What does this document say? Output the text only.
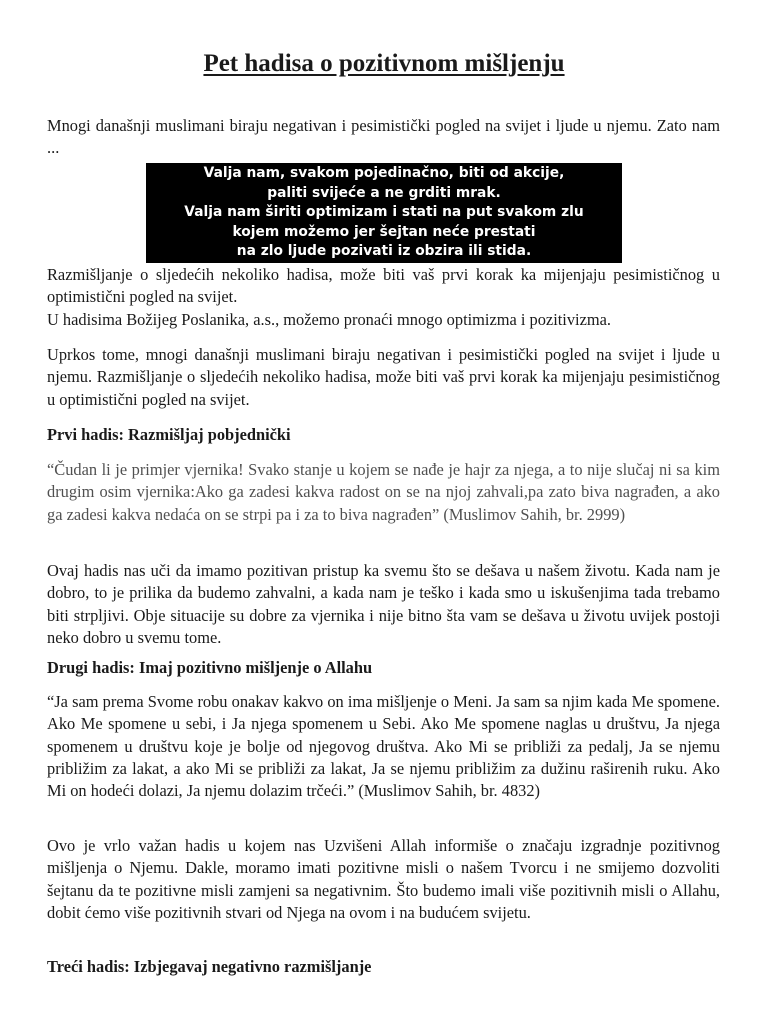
Pet hadisa o pozitivnom mišljenju

Mnogi današnji muslimani biraju negativan i pesimistički pogled na svijet i ljude u njemu. Zato nam ...

Valja nam, svakom pojedinačno, biti od akcije,
paliti svijeće a ne grditi mrak.
Valja nam širiti optimizam i stati na put svakom zlu
kojem možemo jer šejtan neće prestati
na zlo ljude pozivati iz obzira ili stida.

Razmišljanje o sljedećih nekoliko hadisa, može biti vaš prvi korak ka mijenjaju pesimističnog u optimistični pogled na svijet.

U hadisima Božijeg Poslanika, a.s., možemo pronaći mnogo optimizma i pozitivizma.

Uprkos tome, mnogi današnji muslimani biraju negativan i pesimistički pogled na svijet i ljude u njemu. Razmišljanje o sljedećih nekoliko hadisa, može biti vaš prvi korak ka mijenjaju pesimističnog u optimistični pogled na svijet.

Prvi hadis: Razmišljaj pobjednički

“Čudan li je primjer vjernika! Svako stanje u kojem se nađe je hajr za njega, a to nije slučaj ni sa kim drugim osim vjernika:Ako ga zadesi kakva radost on se na njoj zahvali,pa zato biva nagrađen, a ako ga zadesi kakva nedaća on se strpi pa i za to biva nagrađen” (Muslimov Sahih, br. 2999)

Ovaj hadis nas uči da imamo pozitivan pristup ka svemu što se dešava u našem životu. Kada nam je dobro, to je prilika da budemo zahvalni, a kada nam je teško i kada smo u iskušenjima tada trebamo biti strpljivi. Obje situacije su dobre za vjernika i nije bitno šta vam se dešava u životu uvijek postoji neko dobro u svemu tome.

Drugi hadis: Imaj pozitivno mišljenje o Allahu

“Ja sam prema Svome robu onakav kakvo on ima mišljenje o Meni. Ja sam sa njim kada Me spomene. Ako Me spomene u sebi, i Ja njega spomenem u Sebi. Ako Me spomene naglas u društvu, Ja njega spomenem u društvu koje je bolje od njegovog društva. Ako Mi se približi za pedalj, Ja se njemu približim za lakat, a ako Mi se približi za lakat, Ja se njemu približim za dužinu raširenih ruku. Ako Mi on hodeći dolazi, Ja njemu dolazim trčeći.” (Muslimov Sahih, br. 4832)

Ovo je vrlo važan hadis u kojem nas Uzvišeni Allah informiše o značaju izgradnje pozitivnog mišljenja o Njemu. Dakle, moramo imati pozitivne misli o našem Tvorcu i ne smijemo dozvoliti šejtanu da te pozitivne misli zamjeni sa negativnim. Što budemo imali više pozitivnih misli o Allahu, dobit ćemo više pozitivnih stvari od Njega na ovom i na budućem svijetu.

Treći hadis: Izbjegavaj negativno razmišljanje
